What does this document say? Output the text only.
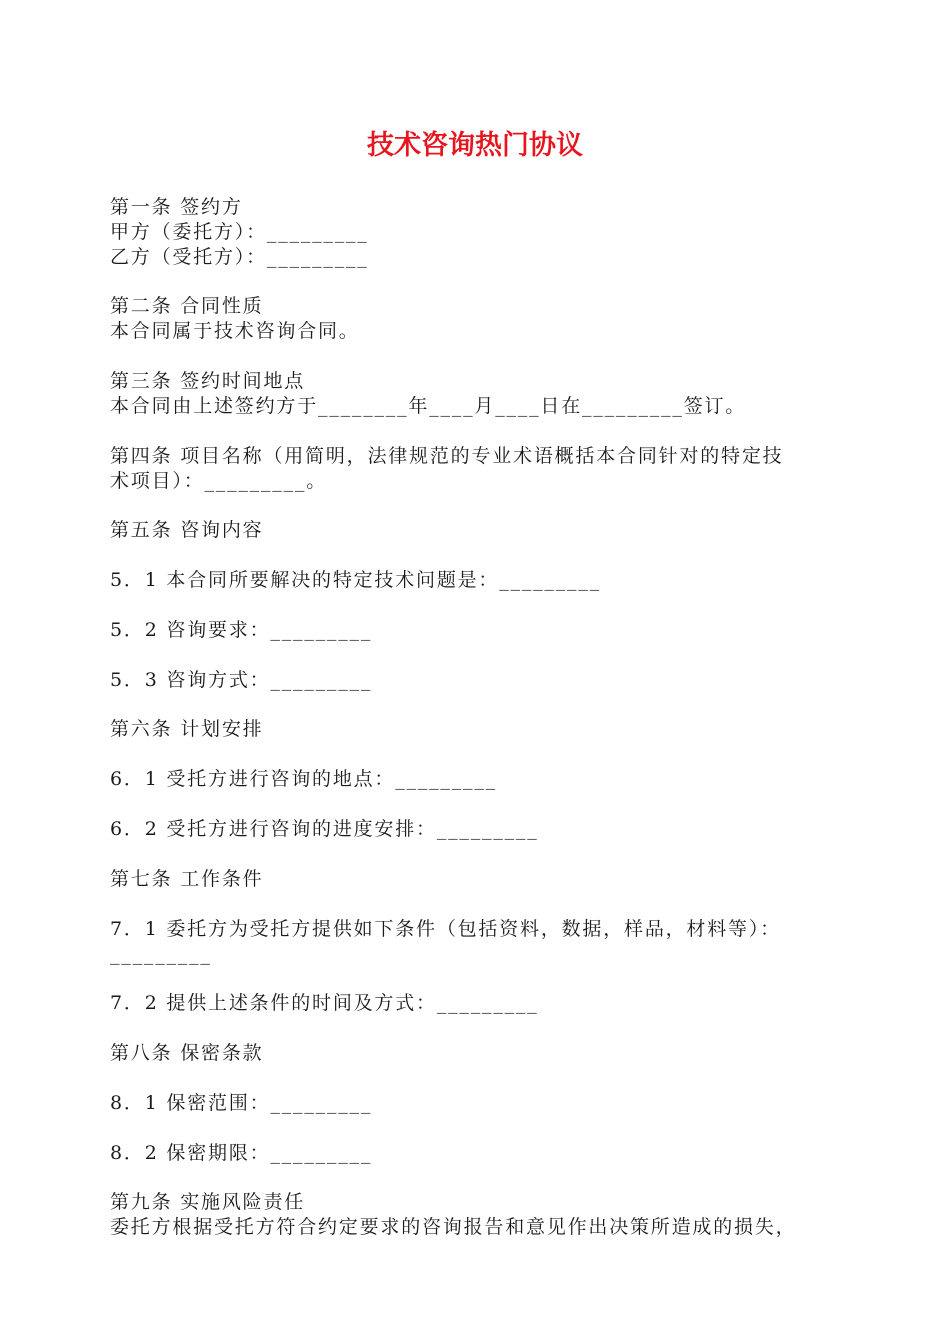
技术咨询热门协议
第一条 签约方
甲方（委托方）：_________
乙方（受托方）：_________
第二条 合同性质
本合同属于技术咨询合同。
第三条 签约时间地点
本合同由上述签约方于________年____月____日在_________签订。
第四条 项目名称（用简明，法律规范的专业术语概括本合同针对的特定技
术项目）：_________。
第五条 咨询内容
5．1 本合同所要解决的特定技术问题是：_________
5．2 咨询要求：_________
5．3 咨询方式：_________
第六条 计划安排
6．1 受托方进行咨询的地点：_________
6．2 受托方进行咨询的进度安排：_________
第七条 工作条件
7．1 委托方为受托方提供如下条件（包括资料，数据，样品，材料等）：
_________
7．2 提供上述条件的时间及方式：_________
第八条 保密条款
8．1 保密范围：_________
8．2 保密期限：_________
第九条 实施风险责任
委托方根据受托方符合约定要求的咨询报告和意见作出决策所造成的损失，
